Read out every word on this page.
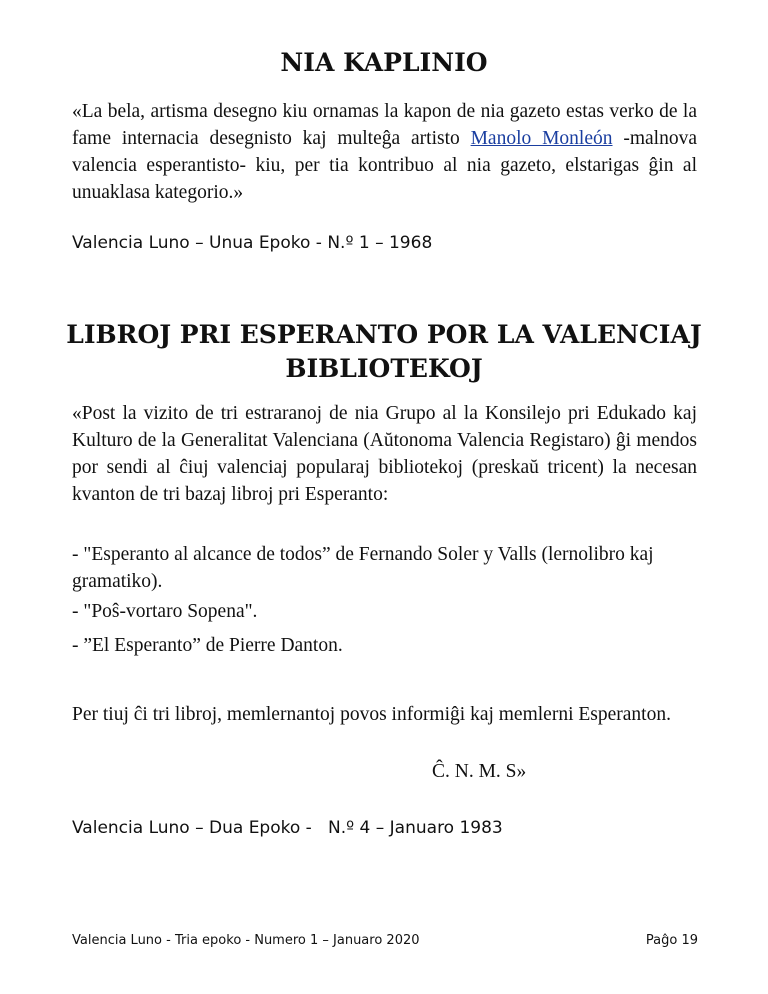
NIA KAPLINIO

«La bela, artisma desegno kiu ornamas la kapon de nia gazeto estas verko de la fame internacia desegnisto kaj multeĝa artisto Manolo Monleón -malnova valencia esperantisto- kiu, per tia kontribuo al nia gazeto, elstarigas ĝin al unuaklasa kategorio.»

Valencia Luno – Unua Epoko - N.º 1 – 1968

LIBROJ PRI ESPERANTO POR LA VALENCIAJ BIBLIOTEKOJ

«Post la vizito de tri estraranoj de nia Grupo al la Konsilejo pri Edukado kaj Kulturo de la Generalitat Valenciana (Aŭtonoma Valencia Registaro) ĝi mendos por sendi al ĉiuj valenciaj popularaj bibliotekoj (preskaŭ tricent) la necesan kvanton de tri bazaj libroj pri Esperanto:

- "Esperanto al alcance de todos” de Fernando Soler y Valls (lernolibro kaj gramatiko).

- "Poŝ-vortaro Sopena".

- ”El Esperanto” de Pierre Danton.

Per tiuj ĉi tri libroj, memlernantoj povos informiĝi kaj memlerni Esperanton.

Ĉ. N. M. S»

Valencia Luno – Dua Epoko -   N.º 4 – Januaro 1983

Valencia Luno - Tria epoko - Numero 1 – Januaro 2020	Paĝo 19
